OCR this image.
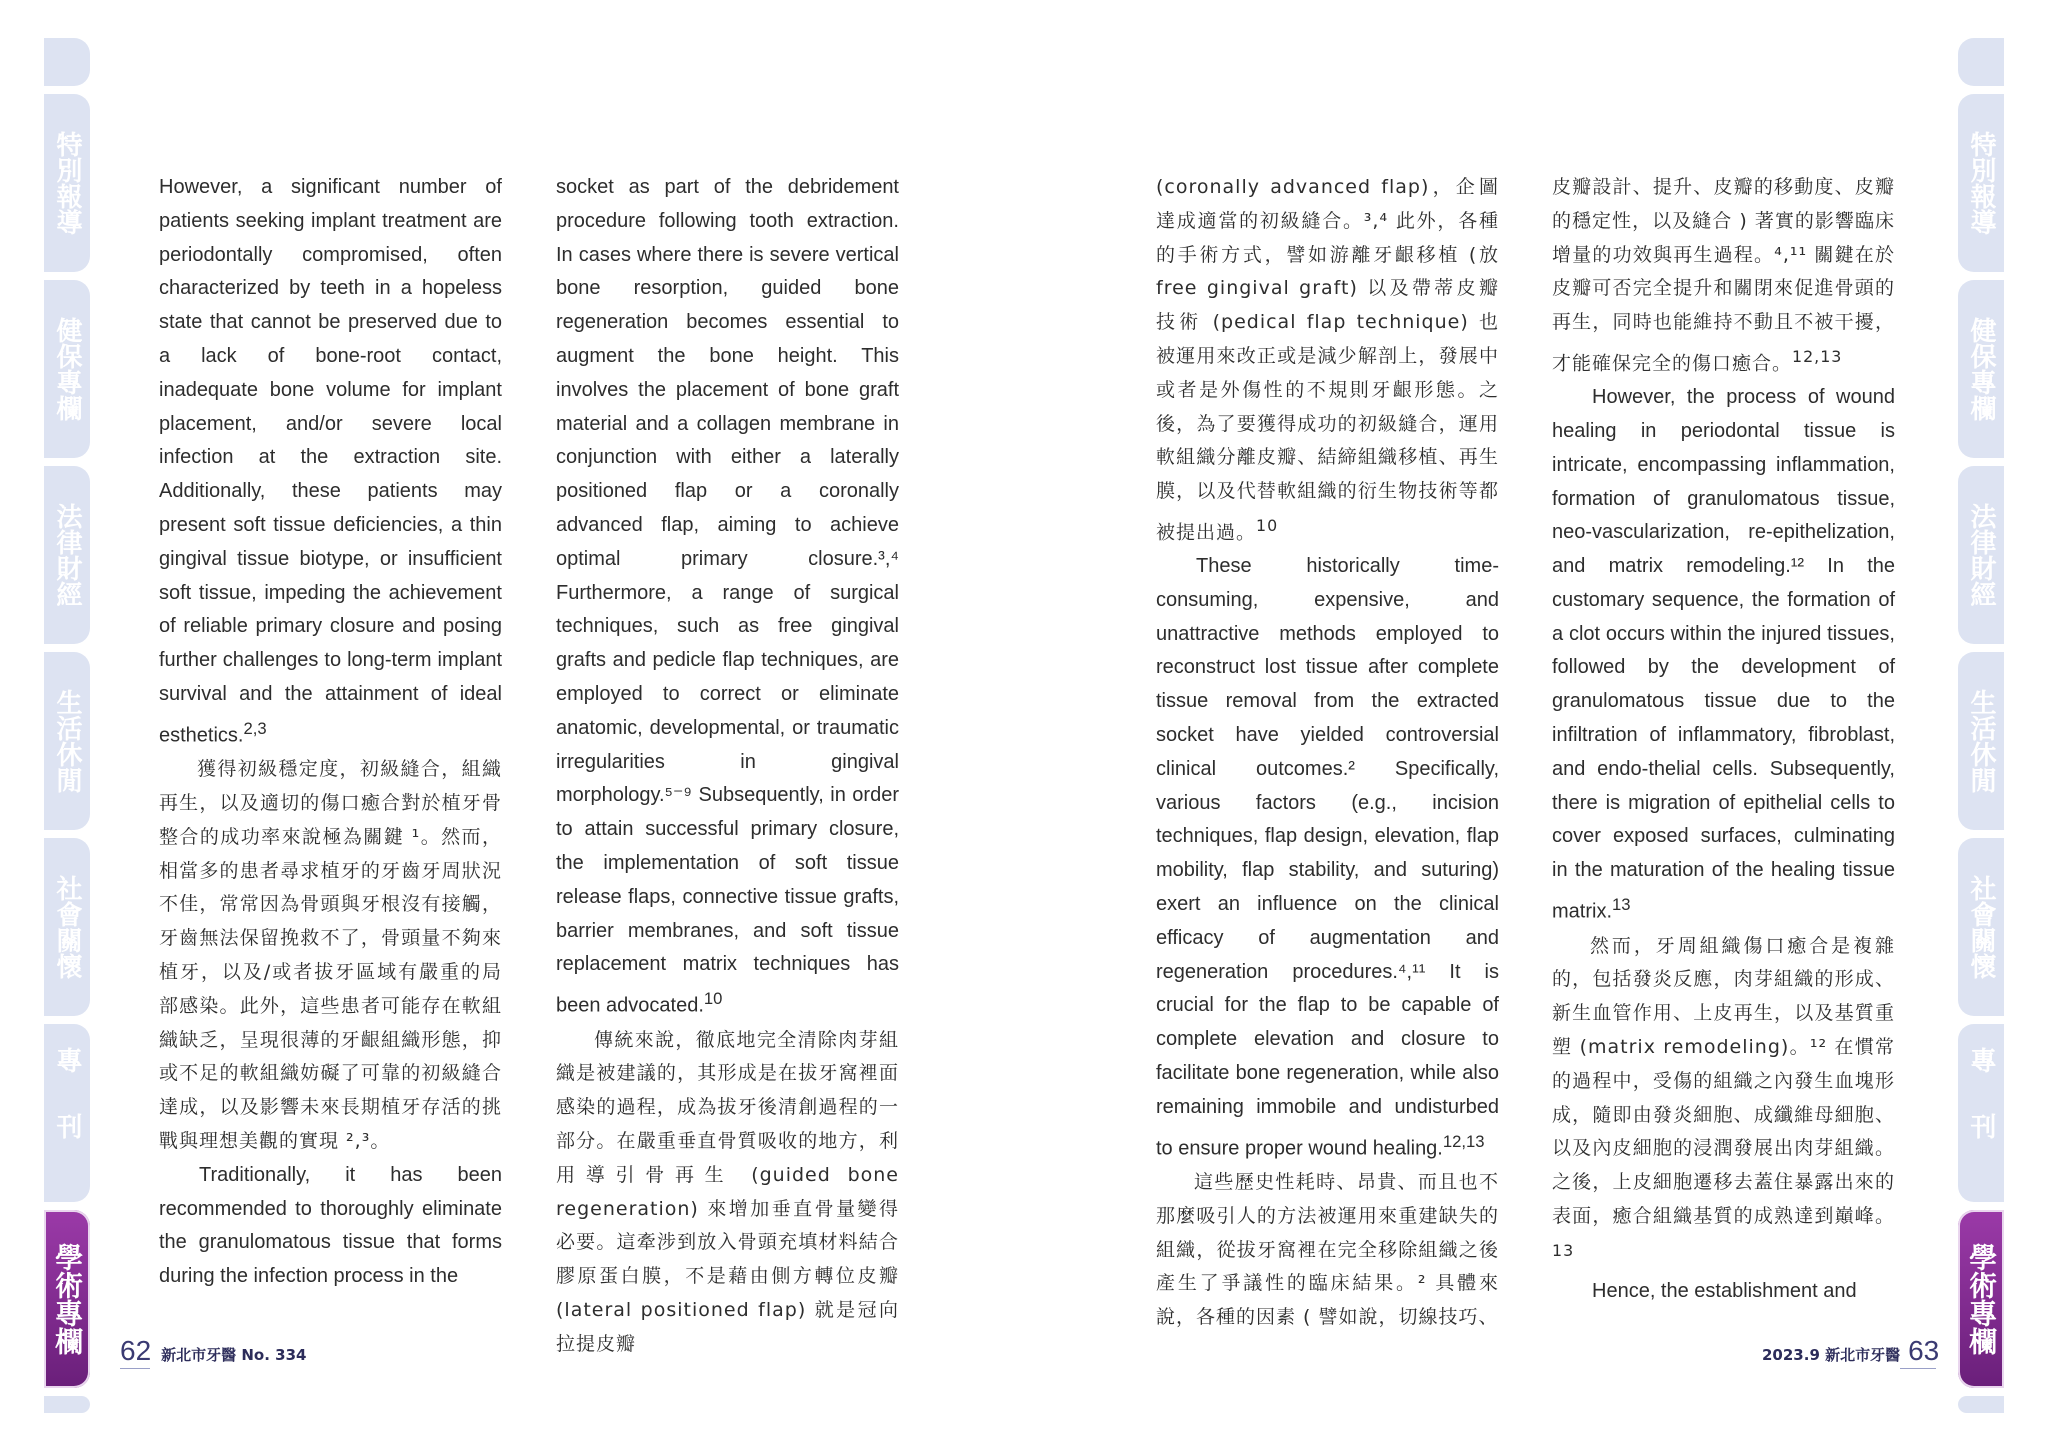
特別報導
健保專欄
法律財經
生活休閒
社會關懷
專刊
學術專欄
特別報導
健保專欄
法律財經
生活休閒
社會關懷
專刊
學術專欄

However, a significant number of patients seeking implant treatment are periodontally compromised, often characterized by teeth in a hopeless state that cannot be preserved due to a lack of bone-root contact, inadequate bone volume for implant placement, and/or severe local infection at the extraction site. Additionally, these patients may present soft tissue deficiencies, a thin gingival tissue biotype, or insufficient soft tissue, impeding the achievement of reliable primary closure and posing further challenges to long-term implant survival and the attainment of ideal esthetics.$^{2,3}$

獲得初級穩定度，初級縫合，組織再生，以及適切的傷口癒合對於植牙骨整合的成功率來說極為關鍵 ¹。然而，相當多的患者尋求植牙的牙齒牙周狀況不佳，常常因為骨頭與牙根沒有接觸，牙齒無法保留挽救不了，骨頭量不夠來植牙，以及/或者拔牙區域有嚴重的局部感染。此外，這些患者可能存在軟組織缺乏，呈現很薄的牙齦組織形態，抑或不足的軟組織妨礙了可靠的初級縫合達成，以及影響未來長期植牙存活的挑戰與理想美觀的實現 ²,³。

Traditionally, it has been recommended to thoroughly eliminate the granulomatous tissue that forms during the infection process in the

socket as part of the debridement procedure following tooth extraction. In cases where there is severe vertical bone resorption, guided bone regeneration becomes essential to augment the bone height. This involves the placement of bone graft material and a collagen membrane in conjunction with either a laterally positioned flap or a coronally advanced flap, aiming to achieve optimal primary closure.³,⁴ Furthermore, a range of surgical techniques, such as free gingival grafts and pedicle flap techniques, are employed to correct or eliminate anatomic, developmental, or traumatic irregularities in gingival morphology.⁵⁻⁹ Subsequently, in order to attain successful primary closure, the implementation of soft tissue release flaps, connective tissue grafts, barrier membranes, and soft tissue replacement matrix techniques has been advocated.$^{10}$

傳統來說，徹底地完全清除肉芽組織是被建議的，其形成是在拔牙窩裡面感染的過程，成為拔牙後清創過程的一部分。在嚴重垂直骨質吸收的地方，利用導引骨再生 (guided bone regeneration) 來增加垂直骨量變得必要。這牽涉到放入骨頭充填材料結合膠原蛋白膜，不是藉由側方轉位皮瓣 (lateral positioned flap) 就是冠向拉提皮瓣

(coronally advanced flap)，企圖達成適當的初級縫合。³,⁴ 此外，各種的手術方式，譬如游離牙齦移植 (放free gingival graft) 以及帶蒂皮瓣技術 (pedical flap technique) 也被運用來改正或是減少解剖上，發展中或者是外傷性的不規則牙齦形態。之後，為了要獲得成功的初級縫合，運用軟組織分離皮瓣、結締組織移植、再生膜，以及代替軟組織的衍生物技術等都被提出過。$^{10}$

These historically time-consuming, expensive, and unattractive methods employed to reconstruct lost tissue after complete tissue removal from the extracted socket have yielded controversial clinical outcomes.² Specifically, various factors (e.g., incision techniques, flap design, elevation, flap mobility, flap stability, and suturing) exert an influence on the clinical efficacy of augmentation and regeneration procedures.⁴,¹¹ It is crucial for the flap to be capable of complete elevation and closure to facilitate bone regeneration, while also remaining immobile and undisturbed to ensure proper wound healing.$^{12,13}$

這些歷史性耗時、昂貴、而且也不那麼吸引人的方法被運用來重建缺失的組織，從拔牙窩裡在完全移除組織之後產生了爭議性的臨床結果。² 具體來說，各種的因素 ( 譬如說，切線技巧、

皮瓣設計、提升、皮瓣的移動度、皮瓣的穩定性，以及縫合 ) 著實的影響臨床增量的功效與再生過程。⁴,¹¹ 關鍵在於皮瓣可否完全提升和關閉來促進骨頭的再生，同時也能維持不動且不被干擾，才能確保完全的傷口癒合。$^{12,13}$

However, the process of wound healing in periodontal tissue is intricate, encompassing inflammation, formation of granulomatous tissue, neo-vascularization, re-epithelization, and matrix remodeling.¹² In the customary sequence, the formation of a clot occurs within the injured tissues, followed by the development of granulomatous tissue due to the infiltration of inflammatory, fibroblast, and endo-thelial cells. Subsequently, there is migration of epithelial cells to cover exposed surfaces, culminating in the maturation of the healing tissue matrix.$^{13}$

然而，牙周組織傷口癒合是複雜的，包括發炎反應，肉芽組織的形成、新生血管作用、上皮再生，以及基質重塑 (matrix remodeling)。¹² 在慣常的過程中，受傷的組織之內發生血塊形成，隨即由發炎細胞、成纖維母細胞、以及內皮細胞的浸潤發展出肉芽組織。之後，上皮細胞遷移去蓋住暴露出來的表面，癒合組織基質的成熟達到巔峰。$^{13}$

Hence, the establishment and

62 新北市牙醫 No. 334	2023.9 新北市牙醫 63
